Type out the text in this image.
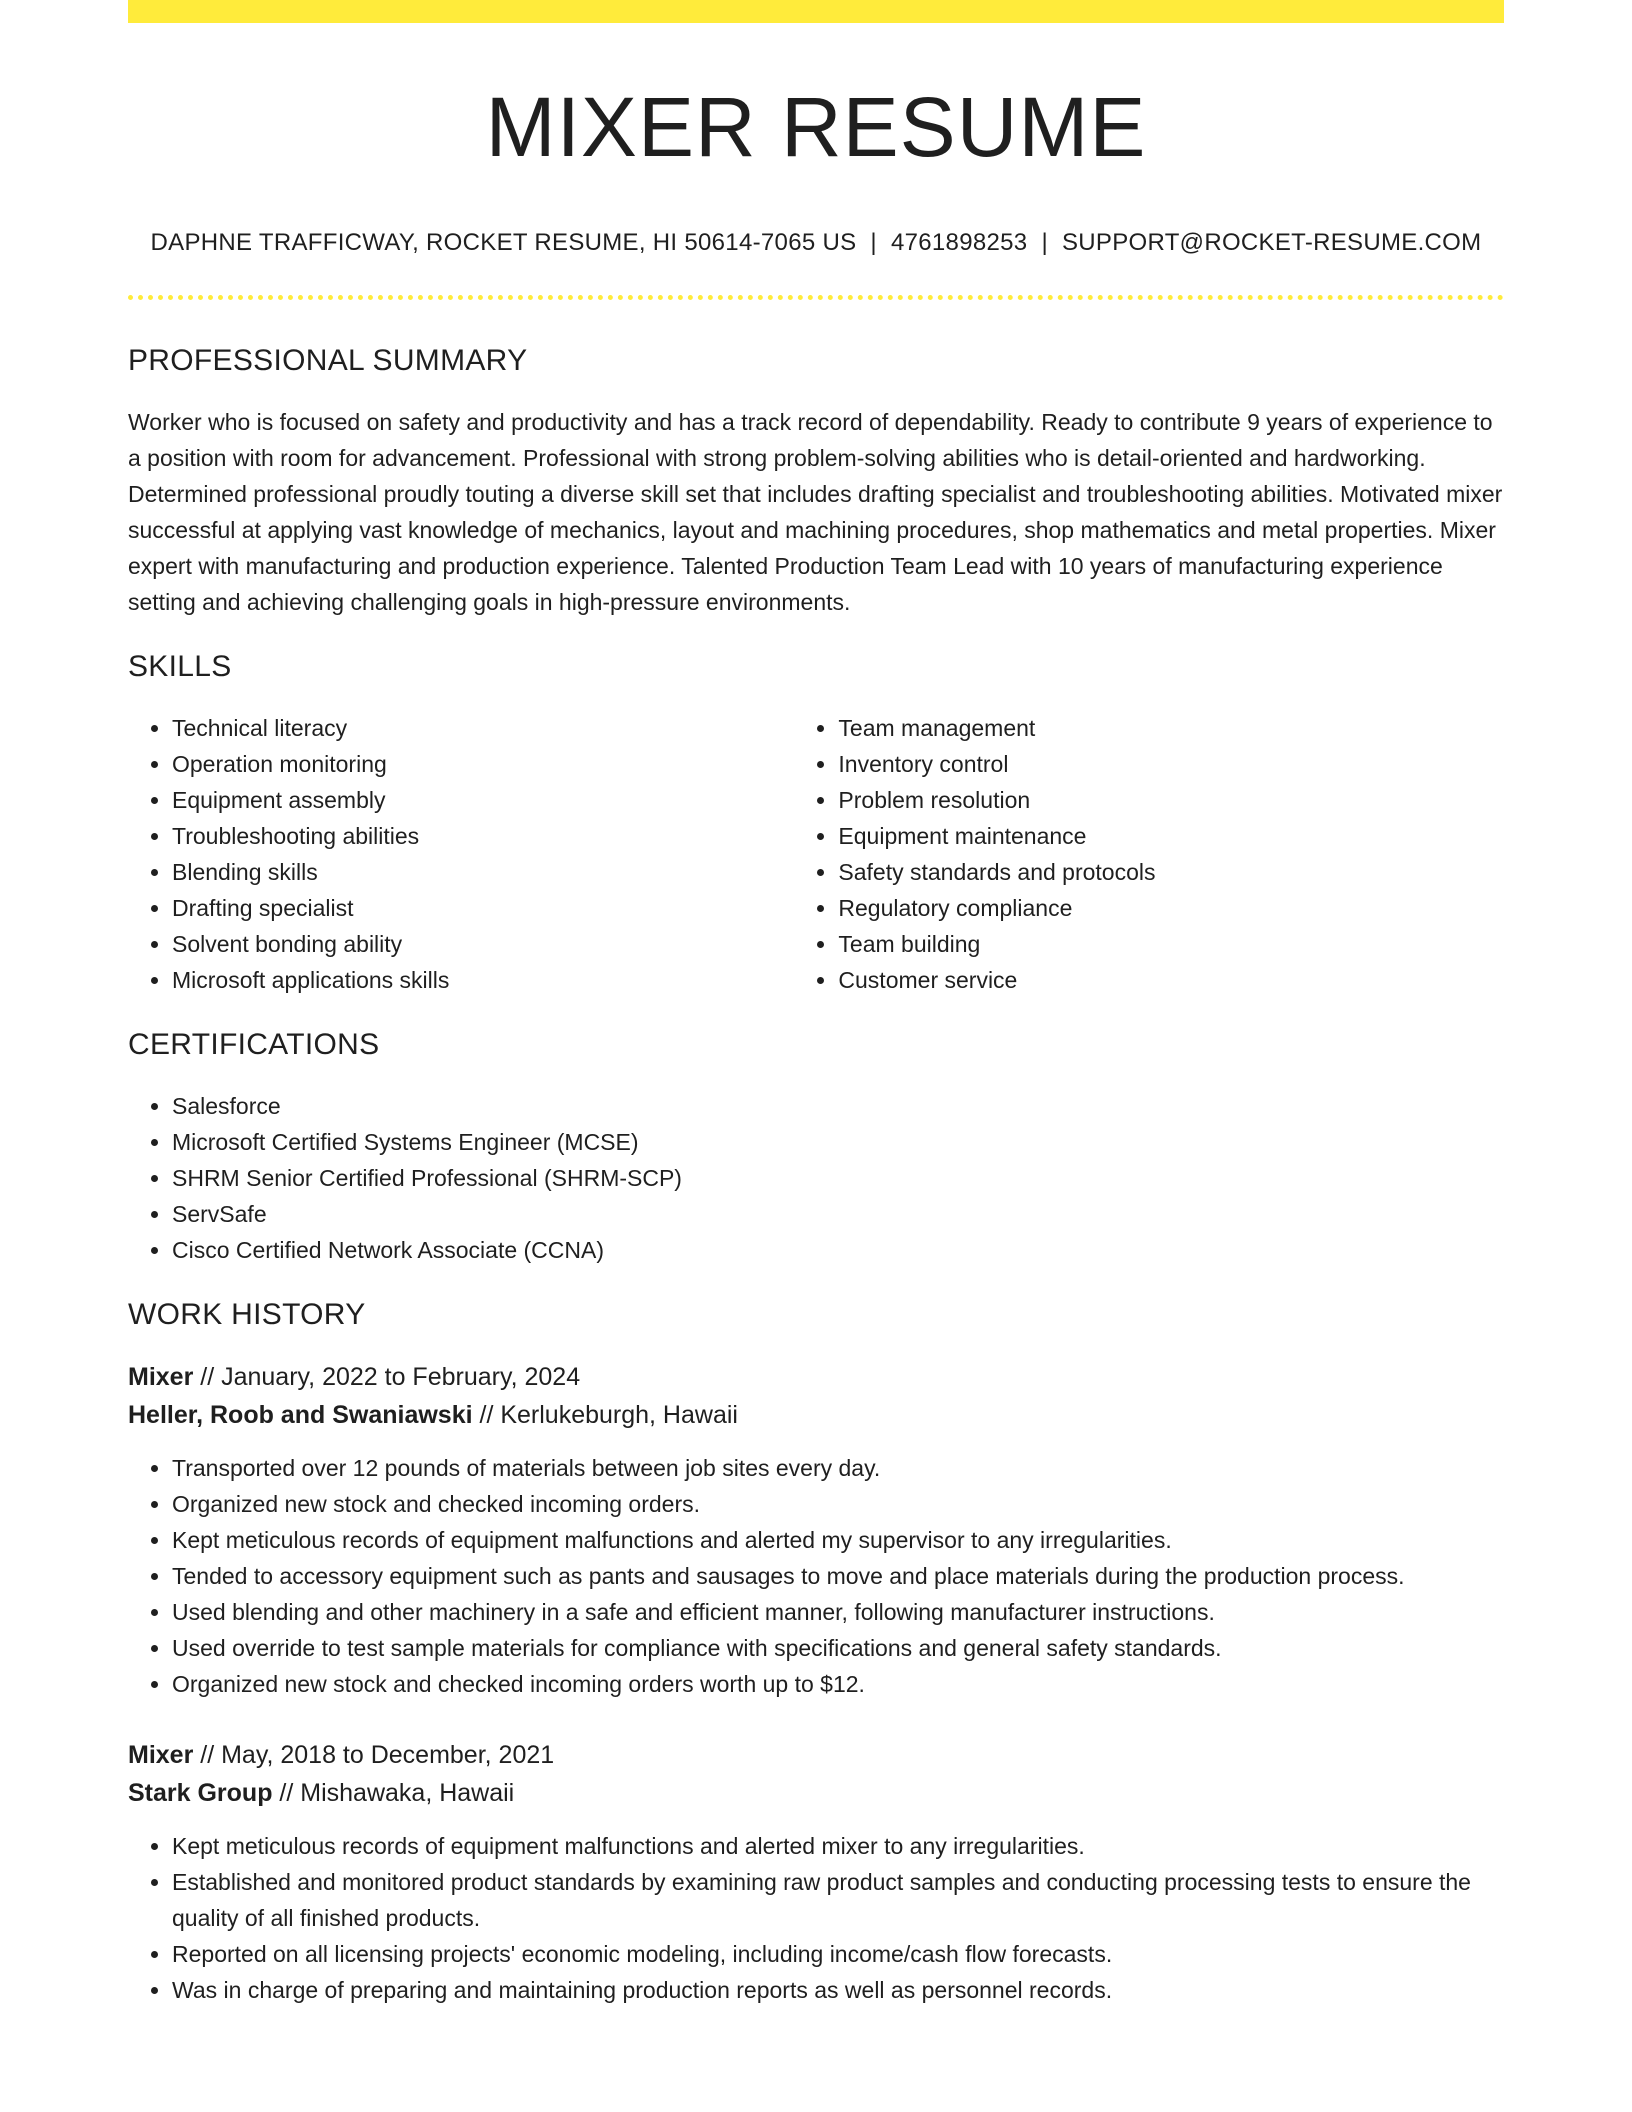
MIXER RESUME
DAPHNE TRAFFICWAY, ROCKET RESUME, HI 50614-7065 US | 4761898253 | SUPPORT@ROCKET-RESUME.COM
PROFESSIONAL SUMMARY
Worker who is focused on safety and productivity and has a track record of dependability. Ready to contribute 9 years of experience to a position with room for advancement. Professional with strong problem-solving abilities who is detail-oriented and hardworking. Determined professional proudly touting a diverse skill set that includes drafting specialist and troubleshooting abilities. Motivated mixer successful at applying vast knowledge of mechanics, layout and machining procedures, shop mathematics and metal properties. Mixer expert with manufacturing and production experience. Talented Production Team Lead with 10 years of manufacturing experience setting and achieving challenging goals in high-pressure environments.
SKILLS
• Technical literacy
• Operation monitoring
• Equipment assembly
• Troubleshooting abilities
• Blending skills
• Drafting specialist
• Solvent bonding ability
• Microsoft applications skills
• Team management
• Inventory control
• Problem resolution
• Equipment maintenance
• Safety standards and protocols
• Regulatory compliance
• Team building
• Customer service
CERTIFICATIONS
• Salesforce
• Microsoft Certified Systems Engineer (MCSE)
• SHRM Senior Certified Professional (SHRM-SCP)
• ServSafe
• Cisco Certified Network Associate (CCNA)
WORK HISTORY
Mixer // January, 2022 to February, 2024
Heller, Roob and Swaniawski // Kerlukeburgh, Hawaii
• Transported over 12 pounds of materials between job sites every day.
• Organized new stock and checked incoming orders.
• Kept meticulous records of equipment malfunctions and alerted my supervisor to any irregularities.
• Tended to accessory equipment such as pants and sausages to move and place materials during the production process.
• Used blending and other machinery in a safe and efficient manner, following manufacturer instructions.
• Used override to test sample materials for compliance with specifications and general safety standards.
• Organized new stock and checked incoming orders worth up to $12.
Mixer // May, 2018 to December, 2021
Stark Group // Mishawaka, Hawaii
• Kept meticulous records of equipment malfunctions and alerted mixer to any irregularities.
• Established and monitored product standards by examining raw product samples and conducting processing tests to ensure the quality of all finished products.
• Reported on all licensing projects' economic modeling, including income/cash flow forecasts.
• Was in charge of preparing and maintaining production reports as well as personnel records.
